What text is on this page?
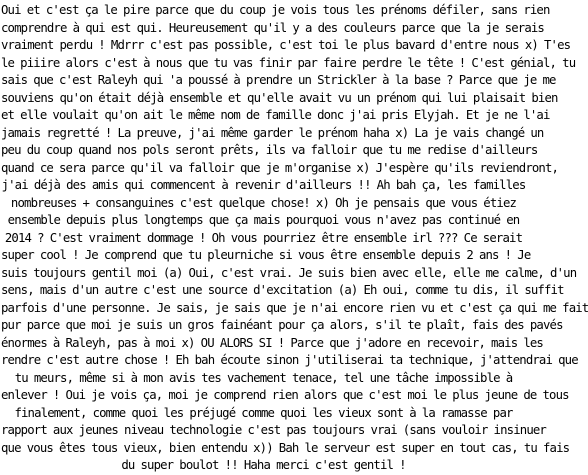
Oui et c'est ça le pire parce que du coup je vois tous les prénoms défiler, sans rien
comprendre à qui est qui. Heureusement qu'il y a des couleurs parce que la je serais
vraiment perdu ! Mdrrr c'est pas possible, c'est toi le plus bavard d'entre nous x) T'es
le piiire alors c'est à nous que tu vas finir par faire perdre le tête ! C'est génial, tu
sais que c'est Raleyh qui 'a poussé à prendre un Strickler à la base ? Parce que je me
souviens qu'on était déjà ensemble et qu'elle avait vu un prénom qui lui plaisait bien
et elle voulait qu'on ait le même nom de famille donc j'ai pris Elyjah. Et je ne l'ai
jamais regretté ! La preuve, j'ai même garder le prénom haha x) La je vais changé un
peu du coup quand nos pols seront prêts, ils va falloir que tu me redise d'ailleurs
quand ce sera parce qu'il va falloir que je m'organise x) J'espère qu'ils reviendront,
j'ai déjà des amis qui commencent à revenir d'ailleurs !! Ah bah ça, les familles
nombreuses + consanguines c'est quelque chose! x) Oh je pensais que vous étiez
ensemble depuis plus longtemps que ça mais pourquoi vous n'avez pas continué en
2014 ? C'est vraiment dommage ! Oh vous pourriez être ensemble irl ??? Ce serait
super cool ! Je comprend que tu pleurniche si vous être ensemble depuis 2 ans ! Je
suis toujours gentil moi (a) Oui, c'est vrai. Je suis bien avec elle, elle me calme, d'un
sens, mais d'un autre c'est une source d'excitation (a) Eh oui, comme tu dis, il suffit
parfois d'une personne. Je sais, je sais que je n'ai encore rien vu et c'est ça qui me fait
pur parce que moi je suis un gros fainéant pour ça alors, s'il te plaît, fais des pavés
énormes à Raleyh, pas à moi x) OU ALORS SI ! Parce que j'adore en recevoir, mais les
rendre c'est autre chose ! Eh bah écoute sinon j'utiliserai ta technique, j'attendrai que
tu meurs, même si à mon avis tes vachement tenace, tel une tâche impossible à
enlever ! Oui je vois ça, moi je comprend rien alors que c'est moi le plus jeune de tous
finalement, comme quoi les préjugé comme quoi les vieux sont à la ramasse par
rapport aux jeunes niveau technologie c'est pas toujours vrai (sans vouloir insinuer
que vous êtes tous vieux, bien entendu x)) Bah le serveur est super en tout cas, tu fais
du super boulot !! Haha merci c'est gentil !
